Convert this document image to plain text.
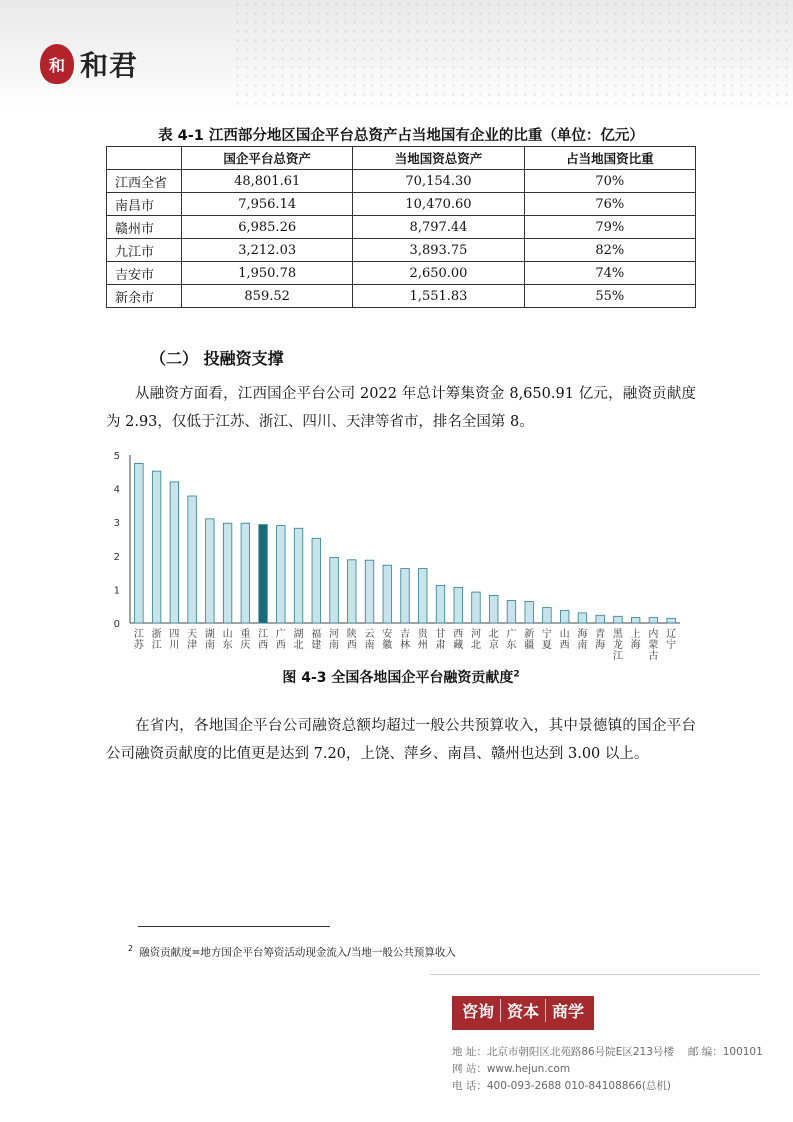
和 和君
表 4-1 江西部分地区国企平台总资产占当地国有企业的比重（单位：亿元）
	国企平台总资产	当地国资总资产	占当地国资比重
江西全省	48,801.61	70,154.30	70%
南昌市	7,956.14	10,470.60	76%
赣州市	6,985.26	8,797.44	79%
九江市	3,212.03	3,893.75	82%
吉安市	1,950.78	2,650.00	74%
新余市	859.52	1,551.83	55%
（二） 投融资支撑

从融资方面看，江西国企平台公司 2022 年总计筹集资金 8,650.91 亿元，融资贡献度为 2.93，仅低于江苏、浙江、四川、天津等省市，排名全国第 8。

0
1
2
3
4
5
江苏
浙江
四川
天津
湖南
山东
重庆
江西
广西
湖北
福建
河南
陕西
云南
安徽
吉林
贵州
甘肃
西藏
河北
北京
广东
新疆
宁夏
山西
海南
青海
黑龙江
上海
内蒙古
辽宁
图 4-3 全国各地国企平台融资贡献度$^2$

在省内，各地国企平台公司融资总额均超过一般公共预算收入，其中景德镇的国企平台公司融资贡献度的比值更是达到 7.20，上饶、萍乡、南昌、赣州也达到 3.00 以上。

$^2$ 融资贡献度=地方国企平台筹资活动现金流入/当地一般公共预算收入
咨询 资本 商学
地 址：北京市朝阳区北苑路86号院E区213号楼 邮 编：100101
网 站：www.hejun.com
电 话：400-093-2688 010-84108866(总机)
